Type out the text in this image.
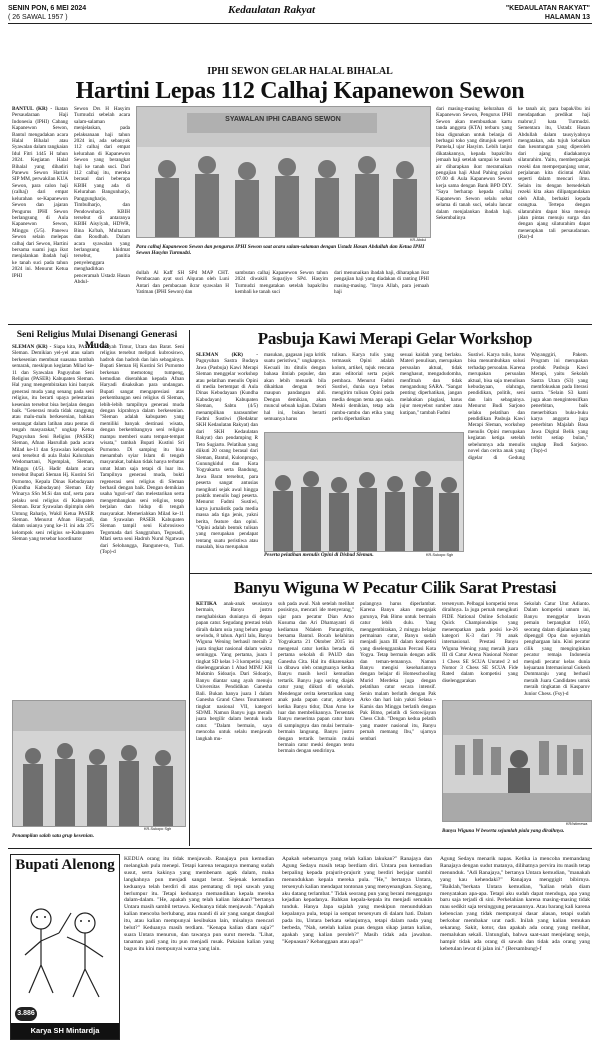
SENIN PON, 6 MEI 2024
( 26 SAWAL 1957 )
Kedaulatan Rakyat	"KEDAULATAN RAKYAT"
HALAMAN 13
IPHI SEWON GELAR HALAL BIHALAL
Hartini Lepas 112 Calhaj Kapanewon Sewon
BANTUL (KR) - Ikatan Persaudaraan Haji Indonesia (IPHI) Cabang Kapanewon Sewon, Bantul mengadakan acara Halal Bihalal atau Syawalan dalam rangkaian Idul Fitri 1445 H tahun 2024. Kegiatan Halal Bihalal yang dihadiri Panewu Sewon Hartini SIP MM, perwakilan KUA Sewon, para calon haji (calhaj) dari empat kelurahan se-Kapanewon Sewon dan jajaran Pengurus IPHI Sewon berlangsung di Aula Kapanewon Sewon, Minggu (5/5). Panewu Sewon selain melepas calhaj dari Sewon, Hartini bersama suami juga ikut menjalankan ibadah haji ke tanah suci pada tahun 2024 ini. Menurut Ketua IPHI
Sewon Drs H Hasyim Turmudzi sebelah acara salam-salaman menjelaskan, pada pelaksanaan haji tahun 2024 ini, ada sebanyak 112 calhaj dari empat kelurahan di Kapanewon Sewon yang berangkat haji ke tanah suci. Dari 112 calhaj itu, mereka berasal dari beberapa KBIH yang ada di Kelurahan Bangunharjo, Panggungharjo, Timbulharjo, dan Pendowoharjo. KBIH tersebut di antaranya KBIH Aisyiyah, HDWR, Bina Ka'bah, Multazam dan Roudhah. Dalam acara syawalan yang berlangsung khidmat tersebut, panitia penyelenggara menghadirkan penceramah Ustadz Hasan Abdul-
SYAWALAN IPHI CABANG SEWON
KR-Abdul
Para calhaj Kapanewon Sewon dan pengurus IPHI Sewon saat acara salam-salaman dengan Ustadz Hasan Abdullah dan Ketua IPHI Sewon Hasyim Turmudzi.
dullah Al Kaff SH SPd MAP CHT. Pembacaan ayat suci Alquran oleh Luni Antari dan pembacaan ikrar syawalan H Yatiman (IPHI Sewon) dan
sambutan calhaj Kapanewon Sewon tahun 2024 diwakili Suparjiyo SPd. Hasyim Turmudzi mengatakan setelah bapak/ibu kembali ke tanah suci
dari menunaikan ibadah haji, diharapkan ikut pengajian haji yang diadakan di ranting IPHI masing-masing. "Insya Allah, para jemaah haji
dari masing-masing kelurahan di Kapanewon Sewon, Pengurus IPHI Sewon akan membuatkan kartu tanda anggota (KTA) terbaru yang bisa digunakan untuk belanja di berbagai toko yang ditunjuk seperti Pamela,I ujar Hasyim. Lebih lanjut dikatakannya, kepada bapak/ibu jemaah haji setelah sampai ke tanah air diharapkan ikut meramaikan pengajian haji Ahad Pahing pukul 07.00 di Aula Kapanewon Sewon kerja sama dengan Bank BPD DIY. "Saya berharap kepada calhaj Kapanewon Sewon selalu sehat selama di tanah suci, selalu lancar dalam menjalankan ibadah haji. Sekembalinya
ke tanah air, para bapak/ibu ini mendapatkan predikat haji mabrur,I kata Turmudzi. Sementara itu, Ustadz Hasan Abdullah dalam tausyiyahnya mengatakan, ada tujuh kebaikan dan keuntungan yang diperoleh dari ajang diadakannya silaturahim. Yaitu, memberpanjak rezeki dan memperpanjang umur, perjalanan kita dicintai Allah seperti dalam mencari ilmu. Selain itu dengan bersedekah rezeki kita akan dilipatgandakan oleh Allah, berbakti kepada orangtua. Tertepa dengan silaturahim dapat bisa menuju jalan pintas menuju surga dan dengan ajang silaturahim dapat menerapkan tali persaudaraan. (Rar)-d
Seni Religius Mulai Disenangi Generasi Muda
SLEMAN (KR) - Siapa kita, PASER Sleman. Demikian yel-yel atau salam berkesenian membuat suasana tambah semarak, meskipun kegiatan Milad ke-11 dan Syawalan Paguyuban Seni Religius (PASER) Kabupaten Sleman. Hal yang mengembirakan kini banyak generasi muda yang senang pada seni religius, itu berarti upaya pelestarian kesenian tersebut bisa berjalan dengan baik. "Generasi muda tidak canggung atau malu-malu berkesenian, bahkan semangat dalam latihan atau pentas di tengah masyarakat," ungkap Ketua Paguyuban Seni Religius (PASER) Sleman, Afnan Hasrullah pada acara Milad ke-11 dan Syawalan kelompok seni tersebut di aula Balai Kalurahan Wedomartani, Ngemplak, Sleman, Minggu (4/5). Hadir dalam acara tersebut Bupati Sleman Hj. Kustini Sri Purnomo, Kepala Dinas Kebudayaan (Kundha Kabudayan) Sleman Edy Winarya SSn M.Si dan staf, serta para pelaku seni religius di Kabupaten Sleman. Ikrar Syawalan dipimpin oleh Untung Raharjo, Wakil Ketua PASER Sleman. Menurut Afnan Haryadi, dalam usianya yang ke-11 ini ada 375 kelompok seni religius se-Kabupaten Sleman yang tersebar koordinator
wilayah Timur, Utara dan Barat. Seni religius tersebut meliputi kubrosiswo, hadroh dan hadroh dan lain sebagainya. Bupati Sleman Hj Kustini Sri Purnomo berkenan memotong tumpeng, kemudian diserahkan kepada Afnan Haryadi disaksikan para undangan. Bupati sangat mengapresiasi atas perkembangan seni religius di Sleman, lebih-lebih tampilnya generasi muda dengan kiprahnya dalam berkesenian. "Sleman adalah kabupaten yang memiliki banyak destinasi wisata, dengan berkembangnya seni religius mampu memberi suatu tempat-tempat wisata," tambah Bupati Kustini Sri Purnomo. Di samping itu bisa menambah syiar Islam di tengah masyarakat, bahkan tidak hanya terbatas umat Islam saja tetapi di luar itu. Tampilnya generasi muda, bukti regenerasi seni religius di Sleman berhasil dengan baik. Dengan demikian usaha 'nguri-uri' dan melestarikan serta mengembangkan seni religius, tetap berjalan dan hidup di tengah masyarakat. Memeriahkan Milad ke-11 dan Syawalan PASER Kabupaten Sleman tampil seni Kubrosiswo Tegomada dari Sanggrahan, Tegosadi, Mlati serta seni Hadroh Nurul Ngatwan dari Selobangga, Banguner-to, Turi. (Top)-d
KR-Sukopo Sgh
Penampilan salah satu grup kesenian.
Pasbuja Kawi Merapi Gelar Workshop
SLEMAN (KR) - Paguyuban Sastra Budaya Jawa (Pasbuja) Kawi Merapi Sleman menggelar workshop atau pelatihan menulis Opini di media bertempat di Aula Dinas Kebudayaan (Kundha Kabudayan) Kabupaten Sleman, Sabtu (4/5) menampilkan narasumber Fadmi Sustiwi (Redaktur SKH Kedaulatan Rakyat) dan dari SKH Kedaulatan Rakyat) dan pendamping R Teto Sugiarto. Pelatihan yang diikuti 20 orang berasal dari Sleman, Bantul, Kulonprogo, Gunungkidul dan Kota Yogyakarta serta Bandung, Jawa Barat tersebut, para peserta sangat antusias mengikuti sejak awal hingga praktik menulis bagi peserta. Menurut Fadmi Sustiwi, karya jurnalistik pada media massa ada tiga jenis, yakni berita, feature dan opini. "Opini adalah bentuk tulisan yang merupakan pendapat tentang suatu peristiwa atau masalah, bisa merupakan
masukan, gagasan juga kritik suatu peristiwa," ungkapnya. Kecuali itu ditulis dengan bahasa ilmiah populer, dan akan lebih menarik bila dikaitkan dengan teori maupun pandangan ahli. Dengan demikian, akan muncul sebuah kajian. Dalam hal ini, bukan berarti semuanya harus
tulisan. Karya tulis yang termasuk Opini adalah kolom, artikel, tajuk rencana atau editorial serta pojok pembaca. Menurut Fadmi Sustiwi, dunia saya bebas mengirim tulisan Opini pada media dengan tema apa saja. Meski demikian, tetap ada rambu-rambu dan etika yang perlu diperhatikan
sesuai kaidah yang berlaku. Materi penulisan, merupakan persoalan aktual, tidak menghasut, mengadudomba, menfitnah dan tidak mengandung SARA. "Sangat penting diperhatikan, jangan melakukan plagiasi, harus jujur menyebut sumber atau kutipan," tambah Fadmi
Sustiwi. Karya tulis, harus bisa menumbuhkan solusi terhadap persoalan. Karena merupakan persoalan aktual, bisa saja menulisan kebudayaan, olahraga, pendidikan, politik, seni dan lain sebagainya. Menurut Budi Sarjono selaku pelatihan dan pendidikan Pasbuja Kawi Merapi Sleman, workshop menulis Opini merupakan kegiatan ketiga setelah sebelumnya ada menulis novel dan cerita anak yang digelar di Gedung Wayanggiri, Pakem. Program ini merupakan produk Pasbuja Kawi Merapi, yaitu Sekolah Sastra Utara (S3) yang memfokuskan pada literasi sastra. "Selain S3 kami juga akan mengintensifkan penerbitan, baik menerbitkan buku-buku karya anggota juga penerbitan Majalah Basa Jawa Digital Belik yang terbit setiap bulan," ungkap Budi Sarjono. (Top)-d
Peserta pelatihan menulis Opini di Disbud Sleman.	KR-Sukopo Sgh
Banyu Wiguna W Pecatur Cilik Sarat Prestasi
KETIKA anak-anak seusianya bermain, Banyu justru menghabiskan dunianya di depan papan catur. Segudang prestasi telah diraih dalam usia yang belum genap sewindu, 8 tahun. April lalu, Banyu Wiguna Wening berhasil meraih 2 juara tingkat nasional dalam waktu seminggu. Yang pertama, juara I tingkat SD kelas 1-3 kompetisi yang diselenggarakan 1 Abad MINU KH Mukmin Sidoarjo. Dari Sidoarjo, Banyu diantar sang ayah menuju Universitas Pendidikan Ganesha Bali. Bukan hanya juara I dalam Ganesha Grand Chess Tournament tingkat nasional VII, kategori SD/MI. Namun Banyu juga meraih juara bergilir dalam bentuk kuda catur. "Dalam bermain, saya mencoba untuk selalu menjawab langkah mu-
suh pada awal. Nah setelah melihat posisinya, mencari ide menyerang," ujar para pecatur Dian Arno Kusuma dan Ari Dhamayanti di kediaman Ndalem Parangtritis, bersama Bantul. Bocah kelahiran Yogyakarta 21 Oktober 2015 ini mengenal catur ketika berada di pertama sekolah di PAUD dan Ganesha Cita. Hal itu dikarenakan ia dibawa oleh orangtuanya ketika Banyu masih kecil kemudian tertarik. Banyu juga sering diajak catur yang diikuti di sekolah. Mendengar cerita ketertarikan sang anak pada papan catur, ayahnya ketika Banyu tidur, Dian Arno ke luar dan membelikannya. Tersentak Banyu menerima papan catur baru di sampingnya dan mulai bermain-bermain langsung. Banyu justru dengan tertarik bermain mulai bermain catur meski dengan tentu bermain dengan sendirinya.
pulangnya harus diperlambat. Karena Banyu akan mengajak gurunya, Pak Bimo untuk bermain catur lebih dulu. Yang menggembirakan, 2 minggu belajar permainan catur, Banyu sudah menjadi juara III dalam kompetisi yang diselenggarakan Percasi Kota Yogya. Tetap bermain dengan adik dan teman-temannya. Namun Banyu mengisi kesehariannya dengan belajar di Homeschooling Murid Merdeka juga dengan pelatihan catur secara intensif. Senin malam berlatih dengan Pak Arko dan hari lain yakni Selasa - Kamis dan Minggu berlatih dengan Pak Bimo, pelatih di Sotowijayan Chess Club. "Dengan kedua pelatih yang master nasional itu, Banyu pernah memang Ibu," ujarnya sembari
tersenyum. Pelbagai kompetisi terus diraihnya. Ia juga pernah mengikuti FIDE National Online Scholastic Quick Championships yang menempatkan pada posisi ke-26 kategori K-3 dari 70 anak internasional. Prestasi Banyu Wiguna Wening yang meraih juara III di Catur Arena Nasional Nomor 1 Chess SE SCUA Unrated 2 nd Nomor 3 Chess SE SCUA Fide Rated dalam kompetisi yang diselenggarakan
Sekolah Catur Utut Adianto. Dalam kompetisi umum ini, Banyu menggelar lawan pemain berpangkat 1050, seorang dalam dijalankan yang dipenggil Opa dan sejumlah penghargaan lain. Kini pecatur cilik yang menginginkan pecatur remaja Indonesia menjadi pecatur kelas dunia kejuaraan Internasional Gukesh Dommaraju yang berhasil meraih Juara Candidates untuk meraih tingkatan di Kasparov Junior Chess. (Fsy)-d
KR/Istimewa
Banyu Wiguna W beserta sejumlah piala yang diraihnya.
Bupati Alenong
3.886
Karya SH Mintardja
KEDUA orang itu tidak menjawab. Ranajaya pun kemudian melangkah pula menepi. Tetapi karena tenaganya memang sudah susut, serta kakinya yang membenam agak dalam, maka langkahnya pun menjadi sangat berat. Sejenak kemudian keduanya telah berdiri di atas pematang di tepi sawah yang berlumpur itu. Tetapi keduanya memandikan kepala mereka dalam-dalam. "He, apakah yang telah kalian lakukan?"bertanya Untara masih sambil tertawa. Keduanya tidak menjawab. "Apakah kalian mencoba berlubang, atau mandi di air yang sangat dangkal itu, atau kalian mempunyai kesibukan lain, misalnya mencari belut?" Keduanya masih terdiam. "Kenapa kalian diam saja?" suara Untara menurun, dan tawanya pun surut mereda. "Lihat, tanaman padi yang itu pun menjadi rusak. Pakaian kalian yang bagus itu kini mempunyai warna yang lain.
Apakah sebenarnya yang telah kalian lakukan?" Ranajaya dan Agung Sedayu masih tetap berdiam diri. Untara pun kemudian berpaling kepada prajurit-prajurit yang berdiri berjajar sambil menundukkan kepala mereka pula. "He," bertanya Untara, tersenyuh kalian mendapat tontonan yang menyenangkan. Sayang, aku datang terlambat." Tidak seorang pun yang berani menggangu kejadian kepadanya. Bahkan kepala-kepala itu menjadi semakin tunduk. Hanya Japa sajalah yang meskipun menundukkan kepalanya pula, tetapi ia sempat tersenyum di dalam hati. Dalam pada itu, Untara berkata selanjutnya, tetapi dalam nada yang berbeda, "Nah, setelah kalian puas dengan sikap jantan kalian, apakah yang kalian peroleh?" Masih tidak ada jawaban. "Kepuasan? Kebanggaan atau apa?"
Agung Sedayu menarik napas. Ketika ia mencoba memandang Ranajaya dengan sudut matanya, dilihatnya pervira itu masih tetap menunduk. "Adi Ranajaya," bertanya Untara kemudian, "manakah yang kau kehendaki?" Ranajaya menggigit bibirnya. "Baiklah,"berkata Untara kemudian, "kalian telah diam menyatakan apa-apa. Tetapi aku sudah dapat menduga, apa yang baru saja terjadi di sini. Perkelahian karena masing-masing tidak mau sedikit saja tersinggung perasaannya. Atau barang kali karena kebencian yang tidak mempunyai dasar alasan, tetapi sudah berkobar membakar urat nadi. Inilah yang kalian temukan sekarang. Sakit, kotor, dan apakah ada orang yang melihat, memalukan sekali. Untunglah, bahwa saat-saat menjelang senja, hampir tidak ada orang di sawah dan tidak ada orang yang kebetulan lewat di jalan ini." (Bersambung)-f
